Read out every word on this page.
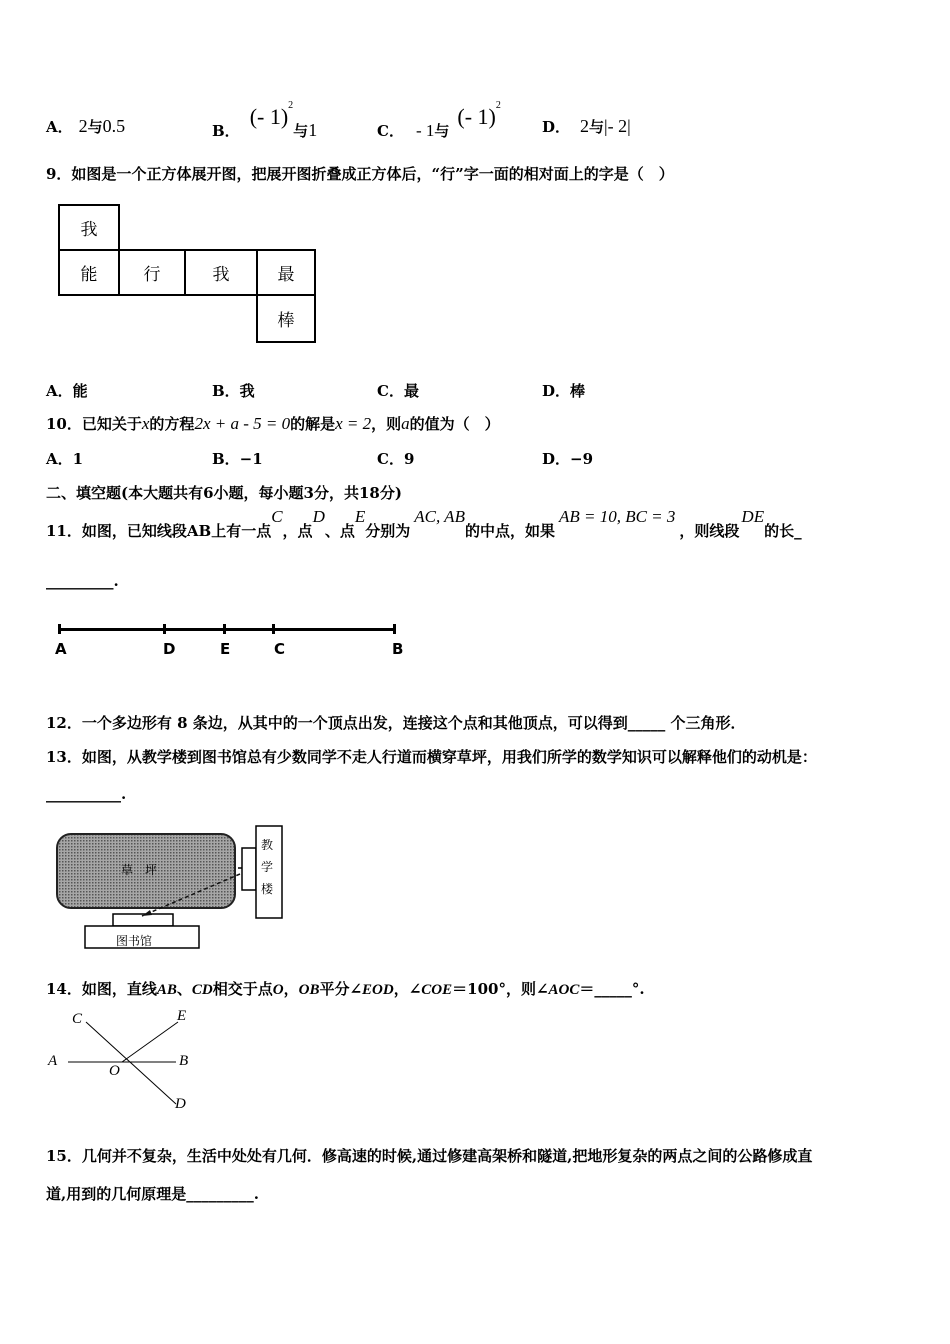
A． 2与0.5	B．(- 1)$^2$与1	C． - 1与(- 1)$^2$
D． 2与|- 2|
9．如图是一个正方体展开图，把展开图折叠成正方体后，“行”字一面的相对面上的字是（　）
我
能	行	我	最
棒
A．能	B．我	C．最	D．棒
10．已知关于x的方程2x + a - 5 = 0的解是x = 2，则a的值为（　）
A．1	B．−1	C．9	D．−9
二、填空题(本大题共有6小题，每小题3分，共18分)
11．如图，已知线段AB上有一点C，点D、点E分别为AC, AB的中点，如果AB = 10, BC = 3，则线段DE的长_
_________.
A	D	E	C	B
12．一个多边形有 8 条边，从其中的一个顶点出发，连接这个点和其他顶点，可以得到_____ 个三角形．
13．如图，从教学楼到图书馆总有少数同学不走人行道而横穿草坪，用我们所学的数学知识可以解释他们的动机是：
__________.
草　坪
教
学
楼
图书馆
14．如图，直线AB、CD相交于点O，OB平分∠EOD，∠COE＝100°，则∠AOC＝_____°.
C	E
A
O
B
D
15．几何并不复杂，生活中处处有几何．修高速的时候,通过修建高架桥和隧道,把地形复杂的两点之间的公路修成直
道,用到的几何原理是_________.
